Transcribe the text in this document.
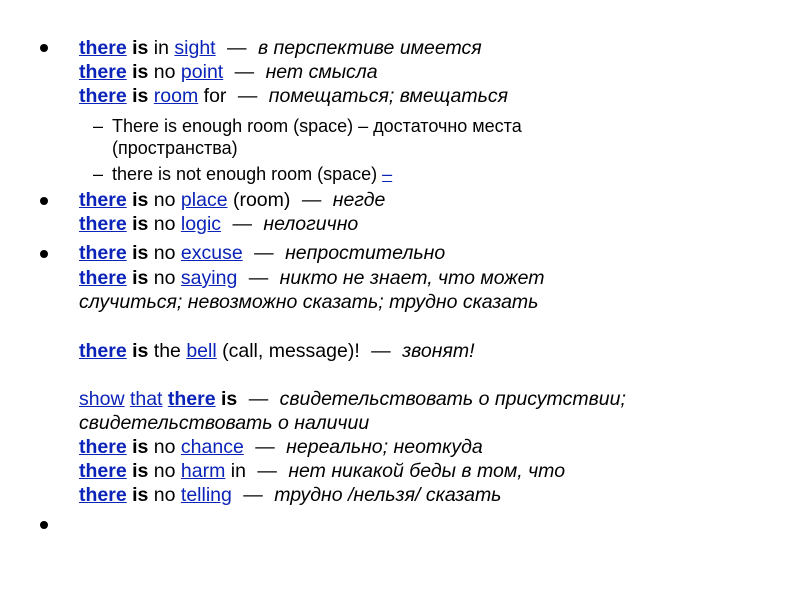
there is in sight — в перспективе имеется
there is no point — нет смысла
there is room for — помещаться; вмещаться
– There is enough room (space) – достаточно места
(пространства)
– there is not enough room (space) –
there is no place (room) — негде
there is no logic — нелогично
there is no excuse — непростительно
there is no saying — никто не знает, что может
случиться; невозможно сказать; трудно сказать
there is the bell (call, message)! — звонят!
show that there is — свидетельствовать о присутствии;
свидетельствовать о наличии
there is no chance — нереально; неоткуда
there is no harm in — нет никакой беды в том, что
there is no telling — трудно /нельзя/ сказать
